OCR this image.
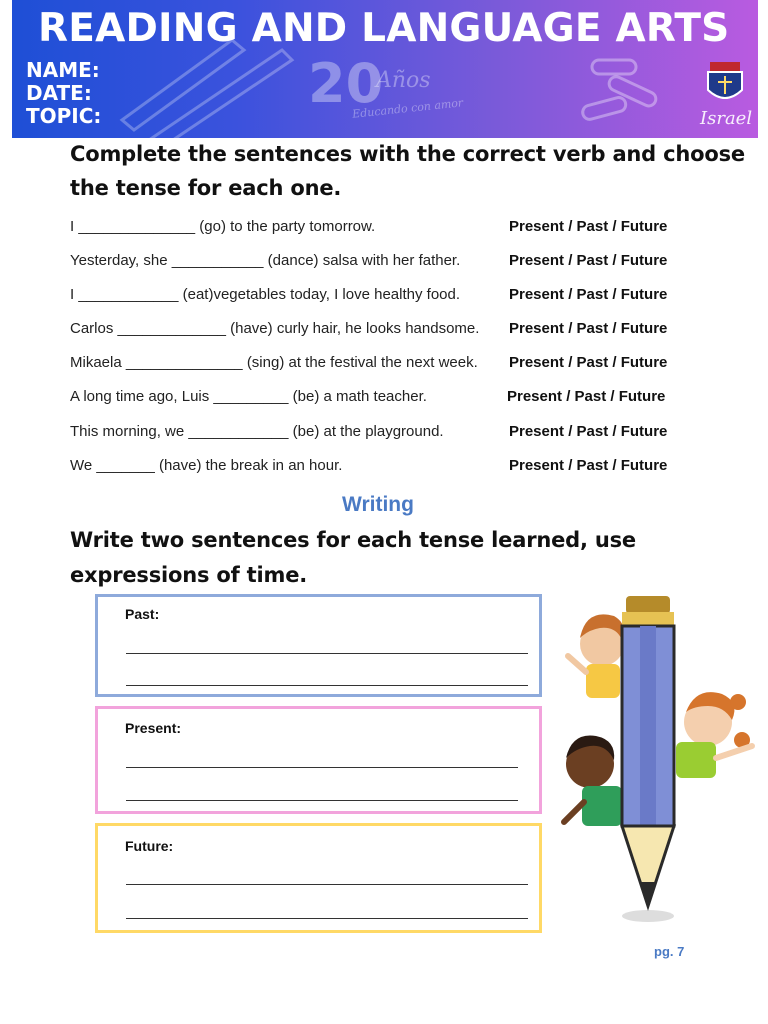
READING AND LANGUAGE ARTS
NAME:
DATE:
TOPIC:
20
Años
Educando con amor	Israel
Complete the sentences with the correct verb and choose
the tense for each one.
I ______________ (go) to the party tomorrow.	Present / Past / Future
Yesterday, she ___________ (dance) salsa with her father.	Present / Past / Future
I ____________ (eat)vegetables today, I love healthy food.	Present / Past / Future
Carlos _____________ (have) curly hair, he looks handsome. Present / Past / Future
Mikaela ______________ (sing) at the festival the next week. Present / Past / Future
A long time ago, Luis _________ (be) a math teacher.	Present / Past / Future
This morning, we ____________ (be) at the playground.	Present / Past / Future
We _______ (have) the break in an hour.	Present / Past / Future
Writing
Write two sentences for each tense learned, use
expressions of time.
Past:
Present:
Future:
pg. 7
